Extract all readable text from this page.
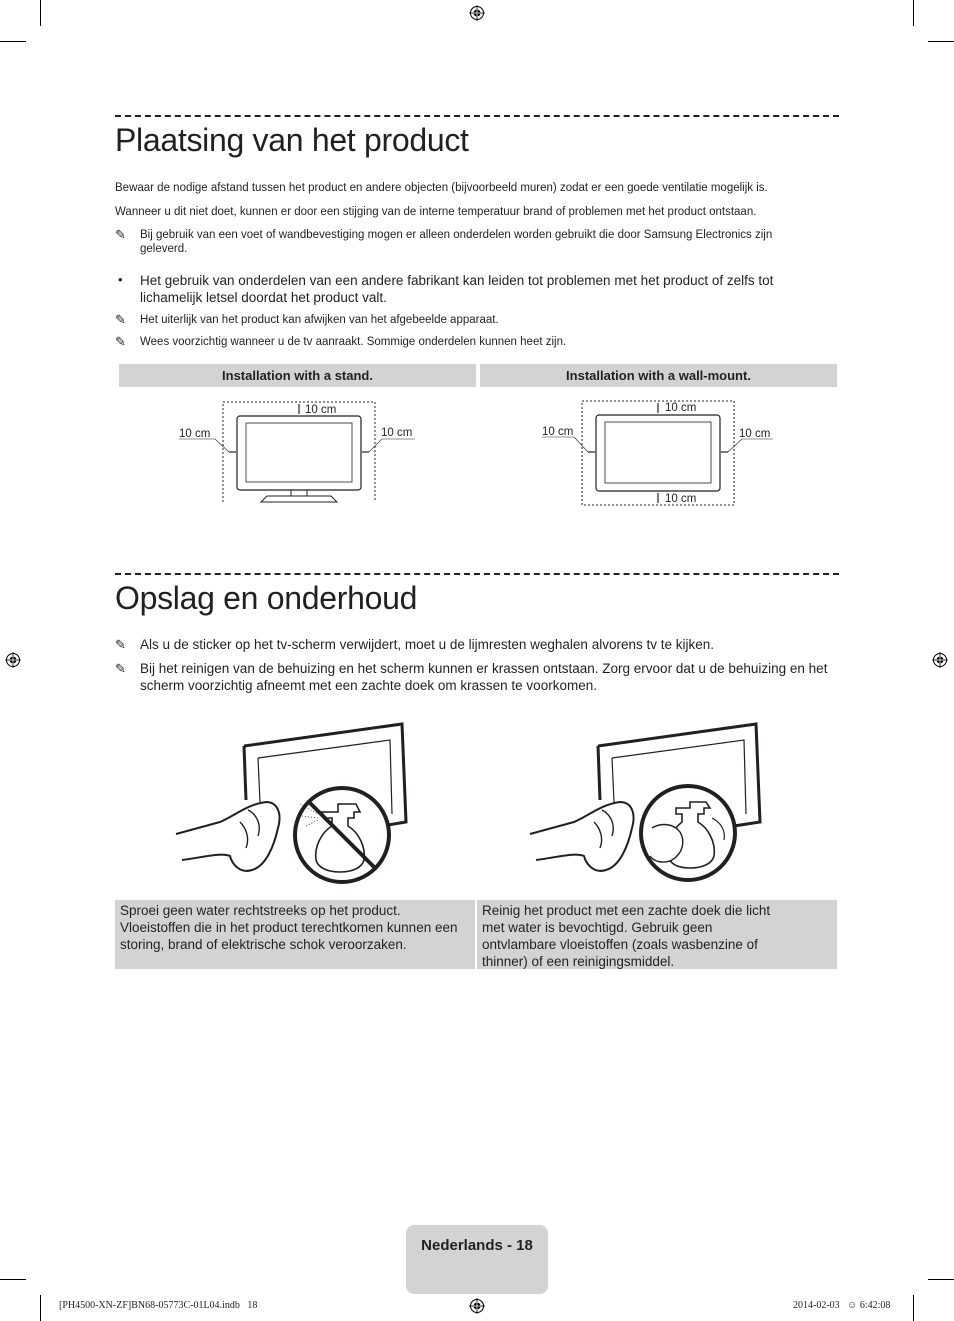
Plaatsing van het product
Bewaar de nodige afstand tussen het product en andere objecten (bijvoorbeeld muren) zodat er een goede ventilatie mogelijk is.
Wanneer u dit niet doet, kunnen er door een stijging van de interne temperatuur brand of problemen met het product ontstaan.
✎ Bij gebruik van een voet of wandbevestiging mogen er alleen onderdelen worden gebruikt die door Samsung Electronics zijn geleverd.
• Het gebruik van onderdelen van een andere fabrikant kan leiden tot problemen met het product of zelfs tot lichamelijk letsel doordat het product valt.
✎ Het uiterlijk van het product kan afwijken van het afgebeelde apparaat.
✎ Wees voorzichtig wanneer u de tv aanraakt. Sommige onderdelen kunnen heet zijn.
Installation with a stand.	Installation with a wall-mount.
10 cm
10 cm	10 cm
10 cm
10 cm	10 cm
10 cm
Opslag en onderhoud
✎ Als u de sticker op het tv-scherm verwijdert, moet u de lijmresten weghalen alvorens tv te kijken.
✎ Bij het reinigen van de behuizing en het scherm kunnen er krassen ontstaan. Zorg ervoor dat u de behuizing en het scherm voorzichtig afneemt met een zachte doek om krassen te voorkomen.
Sproei geen water rechtstreeks op het product. Vloeistoffen die in het product terechtkomen kunnen een storing, brand of elektrische schok veroorzaken.
Reinig het product met een zachte doek die licht met water is bevochtigd. Gebruik geen ontvlambare vloeistoffen (zoals wasbenzine of thinner) of een reinigingsmiddel.
Nederlands - 18
[PH4500-XN-ZF]BN68-05773C-01L04.indb   18	2014-02-03   ☺ 6:42:08
